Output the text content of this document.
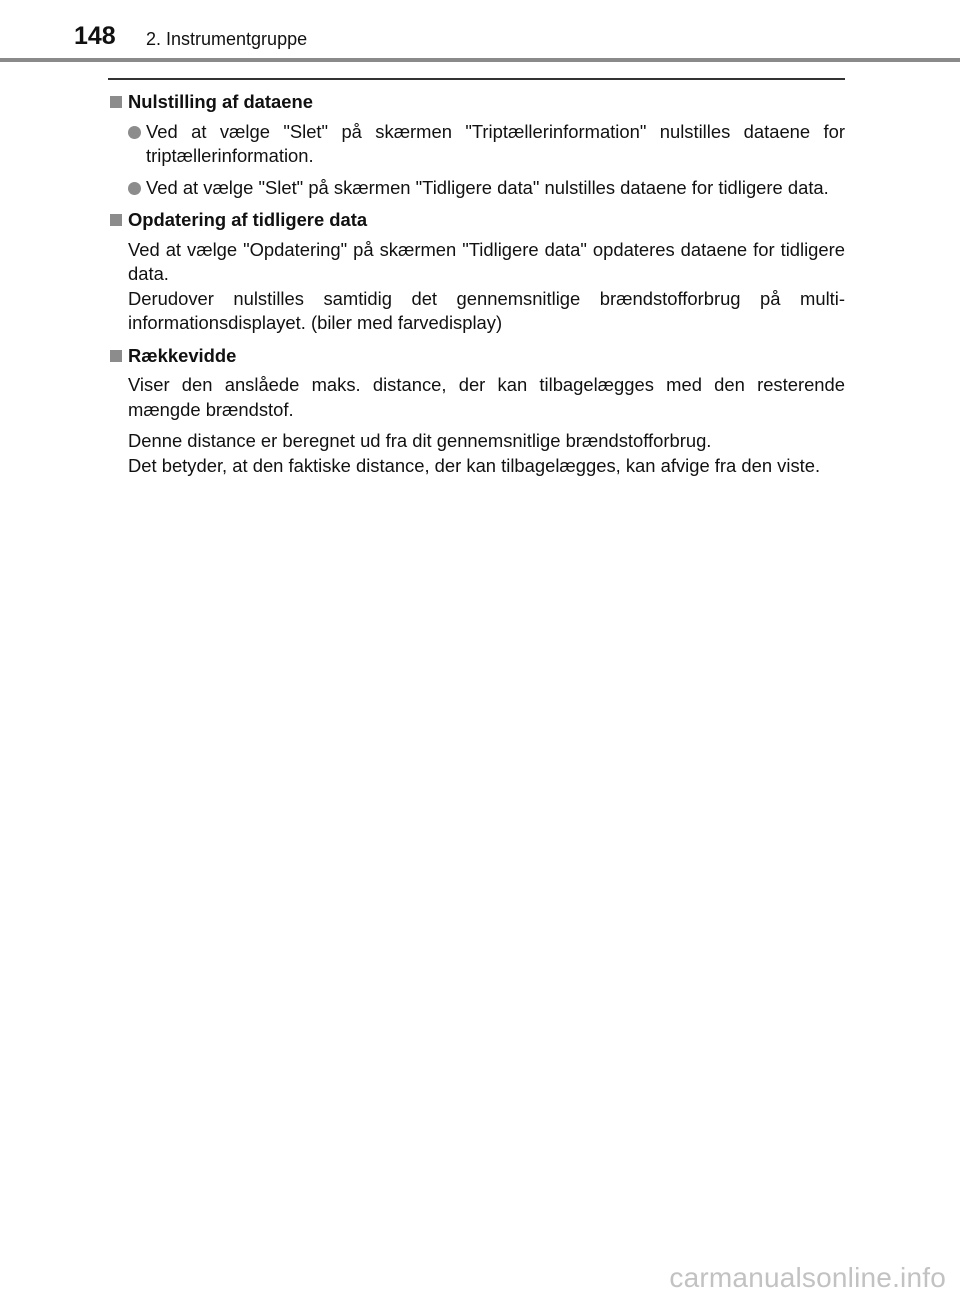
148 2. Instrumentgruppe
Nulstilling af dataene
Ved at vælge "Slet" på skærmen "Triptællerinformation" nulstilles dataene for triptællerinformation.
Ved at vælge "Slet" på skærmen "Tidligere data" nulstilles dataene for tidligere data.
Opdatering af tidligere data
Ved at vælge "Opdatering" på skærmen "Tidligere data" opdateres dataene for tidligere data.
Derudover nulstilles samtidig det gennemsnitlige brændstofforbrug på multi-informationsdisplayet. (biler med farvedisplay)
Rækkevidde
Viser den anslåede maks. distance, der kan tilbagelægges med den resterende mængde brændstof.
Denne distance er beregnet ud fra dit gennemsnitlige brændstofforbrug.
Det betyder, at den faktiske distance, der kan tilbagelægges, kan afvige fra den viste.
carmanualsonline.info
